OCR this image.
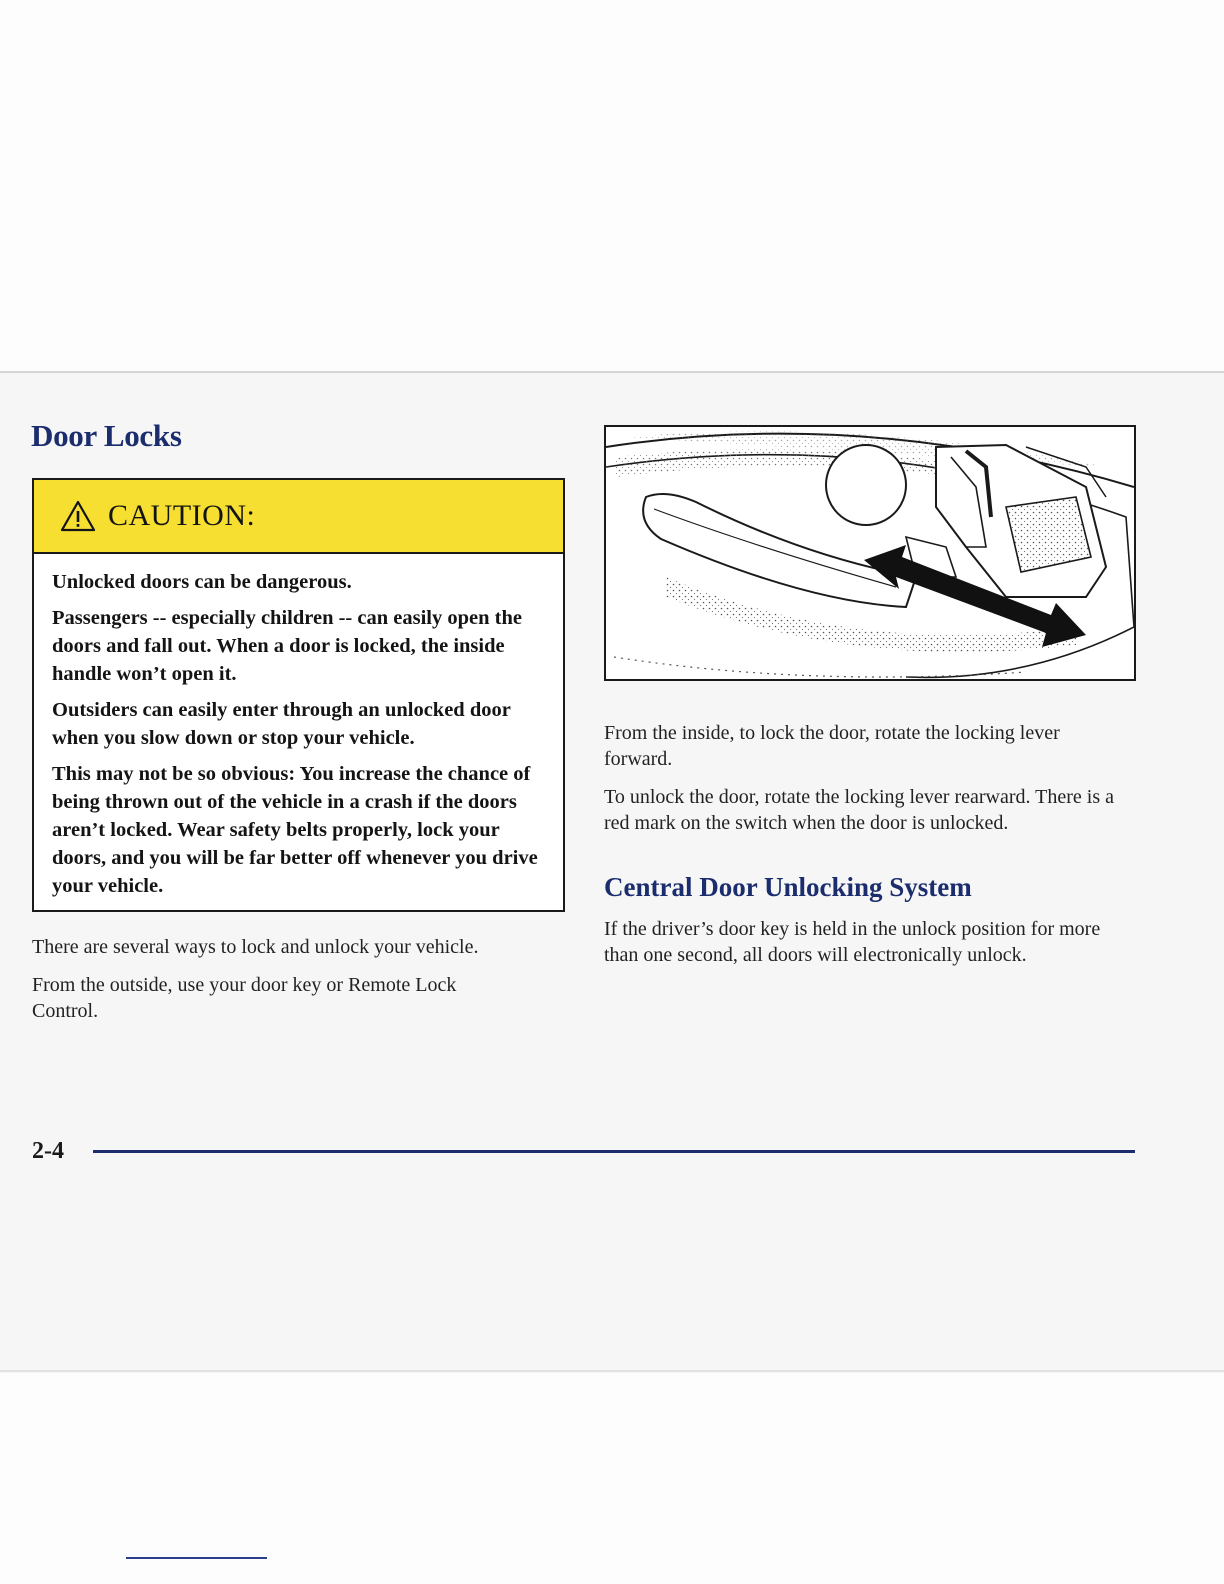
Door Locks
CAUTION:

Unlocked doors can be dangerous.

Passengers -- especially children -- can easily open the doors and fall out. When a door is locked, the inside handle won’t open it.

Outsiders can easily enter through an unlocked door when you slow down or stop your vehicle.

This may not be so obvious: You increase the chance of being thrown out of the vehicle in a crash if the doors aren’t locked. Wear safety belts properly, lock your doors, and you will be far better off whenever you drive your vehicle.

There are several ways to lock and unlock your vehicle.

From the outside, use your door key or Remote Lock Control.

From the inside, to lock the door, rotate the locking lever forward.

To unlock the door, rotate the locking lever rearward. There is a red mark on the switch when the door is unlocked.

Central Door Unlocking System

If the driver’s door key is held in the unlock position for more than one second, all doors will electronically unlock.

2-4
